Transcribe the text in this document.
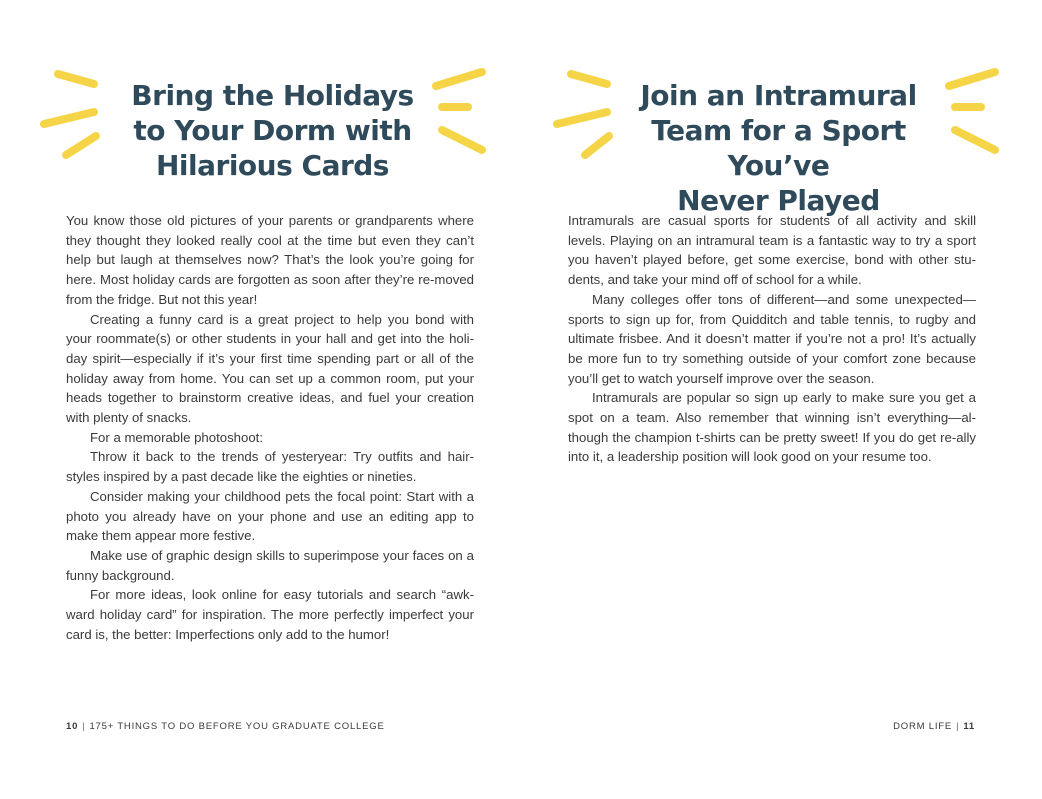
Bring the Holidays
to Your Dorm with
Hilarious Cards

You know those old pictures of your parents or grandparents where they thought they looked really cool at the time but even they can’t help but laugh at themselves now? That’s the look you’re going for here. Most holiday cards are forgotten as soon after they’re re-moved from the fridge. But not this year!

Creating a funny card is a great project to help you bond with your roommate(s) or other students in your hall and get into the holi-day spirit—especially if it’s your first time spending part or all of the holiday away from home. You can set up a common room, put your heads together to brainstorm creative ideas, and fuel your creation with plenty of snacks.

For a memorable photoshoot:

Throw it back to the trends of yesteryear: Try outfits and hair-styles inspired by a past decade like the eighties or nineties.

Consider making your childhood pets the focal point: Start with a photo you already have on your phone and use an editing app to make them appear more festive.

Make use of graphic design skills to superimpose your faces on a funny background.

For more ideas, look online for easy tutorials and search “awk-ward holiday card” for inspiration. The more perfectly imperfect your card is, the better: Imperfections only add to the humor!

10 | 175+ THINGS TO DO BEFORE YOU GRADUATE COLLEGE
Join an Intramural
Team for a Sport You’ve
Never Played

Intramurals are casual sports for students of all activity and skill levels. Playing on an intramural team is a fantastic way to try a sport you haven’t played before, get some exercise, bond with other stu-dents, and take your mind off of school for a while.

Many colleges offer tons of different—and some unexpected—sports to sign up for, from Quidditch and table tennis, to rugby and ultimate frisbee. And it doesn’t matter if you’re not a pro! It’s actually be more fun to try something outside of your comfort zone because you’ll get to watch yourself improve over the season.

Intramurals are popular so sign up early to make sure you get a spot on a team. Also remember that winning isn’t everything—al-though the champion t-shirts can be pretty sweet! If you do get re-ally into it, a leadership position will look good on your resume too.

DORM LIFE | 11
